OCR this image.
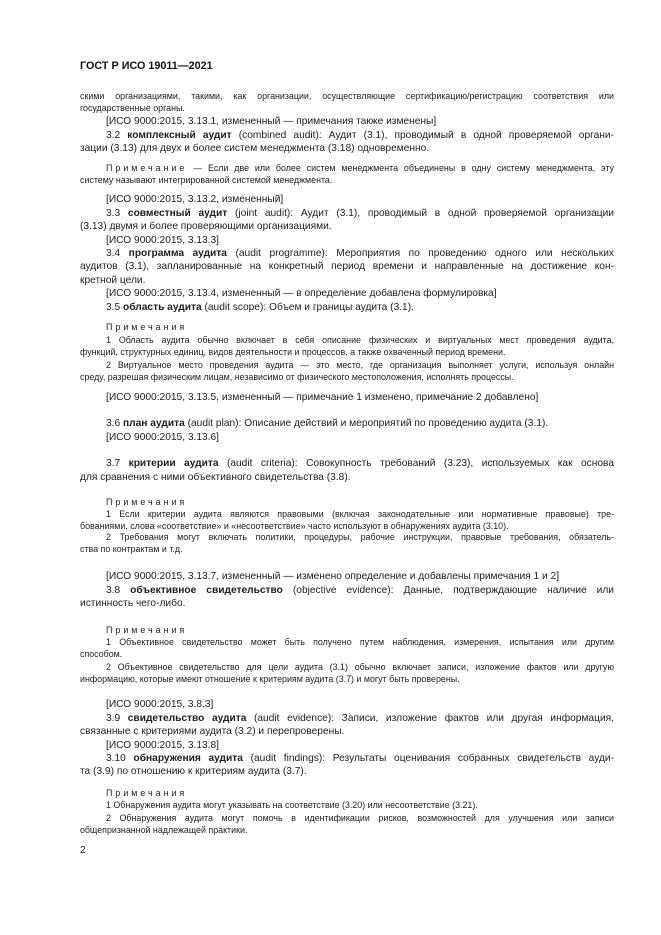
ГОСТ Р ИСО 19011—2021
скими организациями, такими, как организации, осуществляющие сертификацию/регистрацию соответствия или
государственные органы.
[ИСО 9000:2015, 3.13.1, измененный — примечания также изменены]
3.2 комплексный аудит (combined audit): Аудит (3.1), проводимый в одной проверяемой органи-
зации (3.13) для двух и более систем менеджмента (3.18) одновременно.
Примечание — Если две или более систем менеджмента объединены в одну систему менеджмента, эту
систему называют интегрированной системой менеджмента.
[ИСО 9000:2015, 3.13.2, измененный]
3.3 совместный аудит (joint audit): Аудит (3.1), проводимый в одной проверяемой организации
(3.13) двумя и более проверяющими организациями.
[ИСО 9000:2015, 3.13.3]
3.4 программа аудита (audit programme): Мероприятия по проведению одного или нескольких
аудитов (3.1), запланированные на конкретный период времени и направленные на достижение кон-
кретной цели.
[ИСО 9000:2015, 3.13.4, измененный — в определение добавлена формулировка]
3.5 область аудита (audit scope): Объем и границы аудита (3.1).
Примечания
1 Область аудита обычно включает в себя описание физических и виртуальных мест проведения аудита,
функций, структурных единиц, видов деятельности и процессов, а также охваченный период времени.
2 Виртуальное место проведения аудита — это место, где организация выполняет услуги, используя онлайн
среду, разрешая физическим лицам, независимо от физического местоположения, исполнять процессы.
[ИСО 9000:2015, 3.13.5, измененный — примечание 1 изменено, примечание 2 добавлено]
3.6 план аудита (audit plan): Описание действий и мероприятий по проведению аудита (3.1).
[ИСО 9000:2015, 3.13.6]
3.7 критерии аудита (audit criteria): Совокупность требований (3.23), используемых как основа
для сравнения с ними объективного свидетельства (3.8).
Примечания
1 Если критерии аудита являются правовыми (включая законодательные или нормативные правовые) тре-
бованиями, слова «соответствие» и «несоответствие» часто используют в обнаружениях аудита (3.10).
2 Требования могут включать политики, процедуры, рабочие инструкции, правовые требования, обязатель-
ства по контрактам и т.д.
[ИСО 9000:2015, 3.13.7, измененный — изменено определение и добавлены примечания 1 и 2]
3.8 объективное свидетельство (objective evidence): Данные, подтверждающие наличие или
истинность чего-либо.
Примечания
1 Объективное свидетельство может быть получено путем наблюдения, измерения, испытания или другим
способом.
2 Объективное свидетельство для цели аудита (3.1) обычно включает записи, изложение фактов или другую
информацию, которые имеют отношение к критериям аудита (3.7) и могут быть проверены.
[ИСО 9000:2015, 3.8.3]
3.9 свидетельство аудита (audit evidence): Записи, изложение фактов или другая информация,
связанные с критериями аудита (3.2) и перепроверены.
[ИСО 9000:2015, 3.13.8]
3.10 обнаружения аудита (audit findings): Результаты оценивания собранных свидетельств ауди-
та (3.9) по отношению к критериям аудита (3.7).
Примечания
1 Обнаружения аудита могут указывать на соответствие (3.20) или несоответствие (3.21).
2 Обнаружения аудита могут помочь в идентификации рисков, возможностей для улучшения или записи
общепризнанной надлежащей практики.
2
